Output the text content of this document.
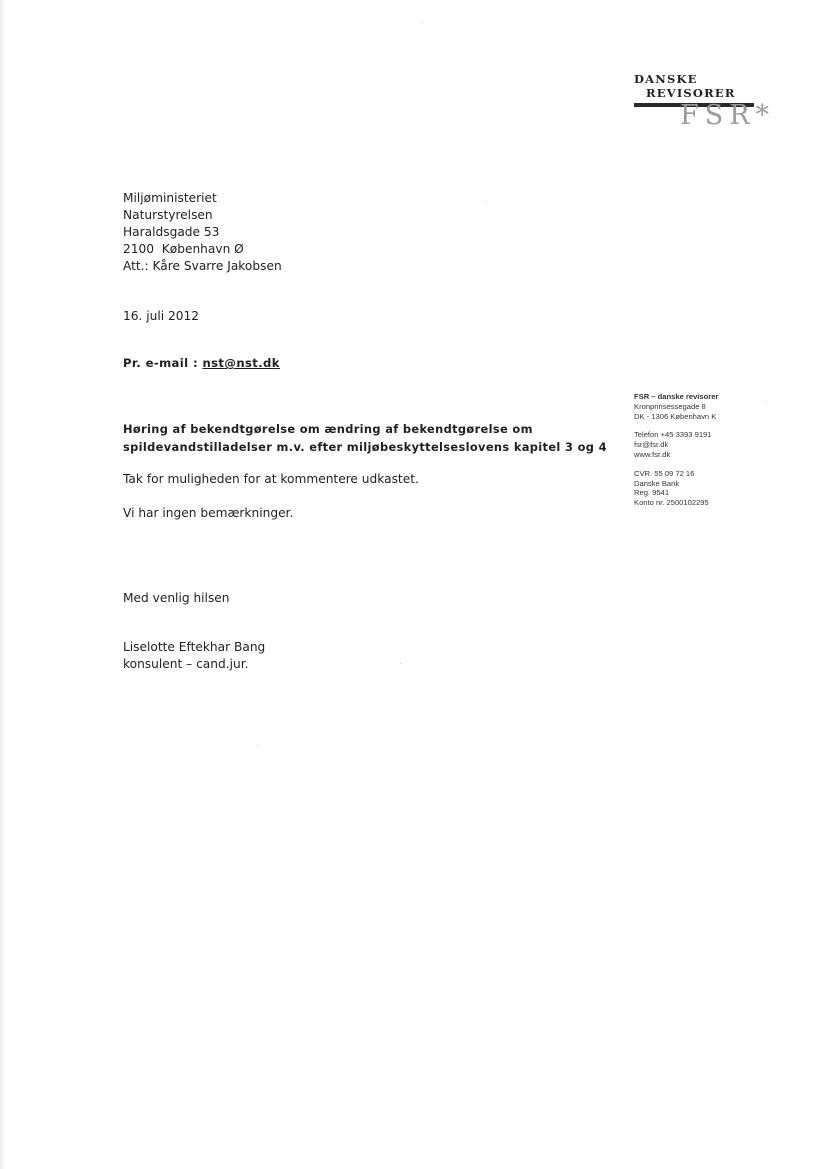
DANSKE
REVISORER
FSR*
Miljøministeriet
Naturstyrelsen
Haraldsgade 53
2100  København Ø
Att.: Kåre Svarre Jakobsen
16. juli 2012
Pr. e-mail : nst@nst.dk
Høring af bekendtgørelse om ændring af bekendtgørelse om
spildevandstilladelser m.v. efter miljøbeskyttelseslovens kapitel 3 og 4
Tak for muligheden for at kommentere udkastet.
Vi har ingen bemærkninger.
Med venlig hilsen
Liselotte Eftekhar Bang
konsulent – cand.jur.
FSR – danske revisorer
Kronprinsessegade 8
DK - 1306 København K
Telefon +45 3393 9191
fsr@fsr.dk
www.fsr.dk
CVR. 55 09 72 16
Danske Bank
Reg. 9541
Konto nr. 2500102295
